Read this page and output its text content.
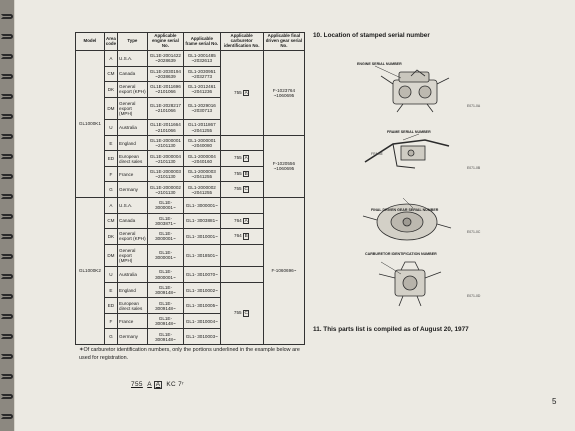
Model	Area code	Type	Applicable engine serial No.	Applicable frame serial No.	Applicable carburetor identification No.	Applicable final driven gear serial No.
GL1000K1	A	U.S.A.	GL1E-2001422 ~2028639	GL1-2001485 ~2032613	755 A	F-1023764 ~1060695
	CM	Canada	GL1E-2030194 ~2038639	GL1-2030951 ~2032773		
	DK	General export (KPH)	GL1E-2011696 ~2101066	GL1-2012461 ~2041236		
	DM	General export (MPH)	GL1E-2028217 ~2101066	GL1-2029016 ~2030713		
	U	Australia	GL1E-2011664 ~2101066	GL1-2011867 ~2041255		
	E	England	GL1E-2000001 ~2101130	GL1-2000001 ~2040080		F-1020556 ~1060695
	ED	European direct sales	GL1E-2000004 ~2101130	GL1-2000004 ~2040160	755 A	
	F	France	GL1E-2000003 ~2101130	GL1-2000003 ~2041255	755 B	
	G	Germany	GL1E-2000002 ~2101130	GL1-2000002 ~2041255	755 C	
GL1000K2	A	U.S.A.	GL1E- 3000001~	GL1- 3000001~		F-1060696~
	CM	Canada	GL1E- 3003871~	GL1- 3003881~	764 A	
	DK	General export (KPH)	GL1E- 3000001~	GL1- 3010001~	764 B	
	DM	General export (MPH)	GL1E- 3000001~	GL1- 3018501~		
	U	Australia	GL1E- 3000001~	GL1- 3010070~		
	E	England	GL1E- 3009148~	GL1- 3010002~	755 C	
	ED	European direct sales	GL1E- 3009148~	GL1- 3010005~		
	F	France	GL1E- 3009148~	GL1- 3010004~		
	G	Germany	GL1E- 3009148~	GL1- 3010003~		
✶Of carburetor identification numbers, only the portions underlined in the example below are used for registration.
755 A A KC 7ʳ
10. Location of stamped serial number
ENGINE SERIAL NUMBER
E071-0A
FRAME SERIAL NUMBER
FRAME
E071-0B
FINAL DRIVEN GEAR SERIAL NUMBER
E071-0C
CARBURETOR IDENTIFICATION NUMBER
E071-0D
11. This parts list is compiled as of August 20, 1977
5
